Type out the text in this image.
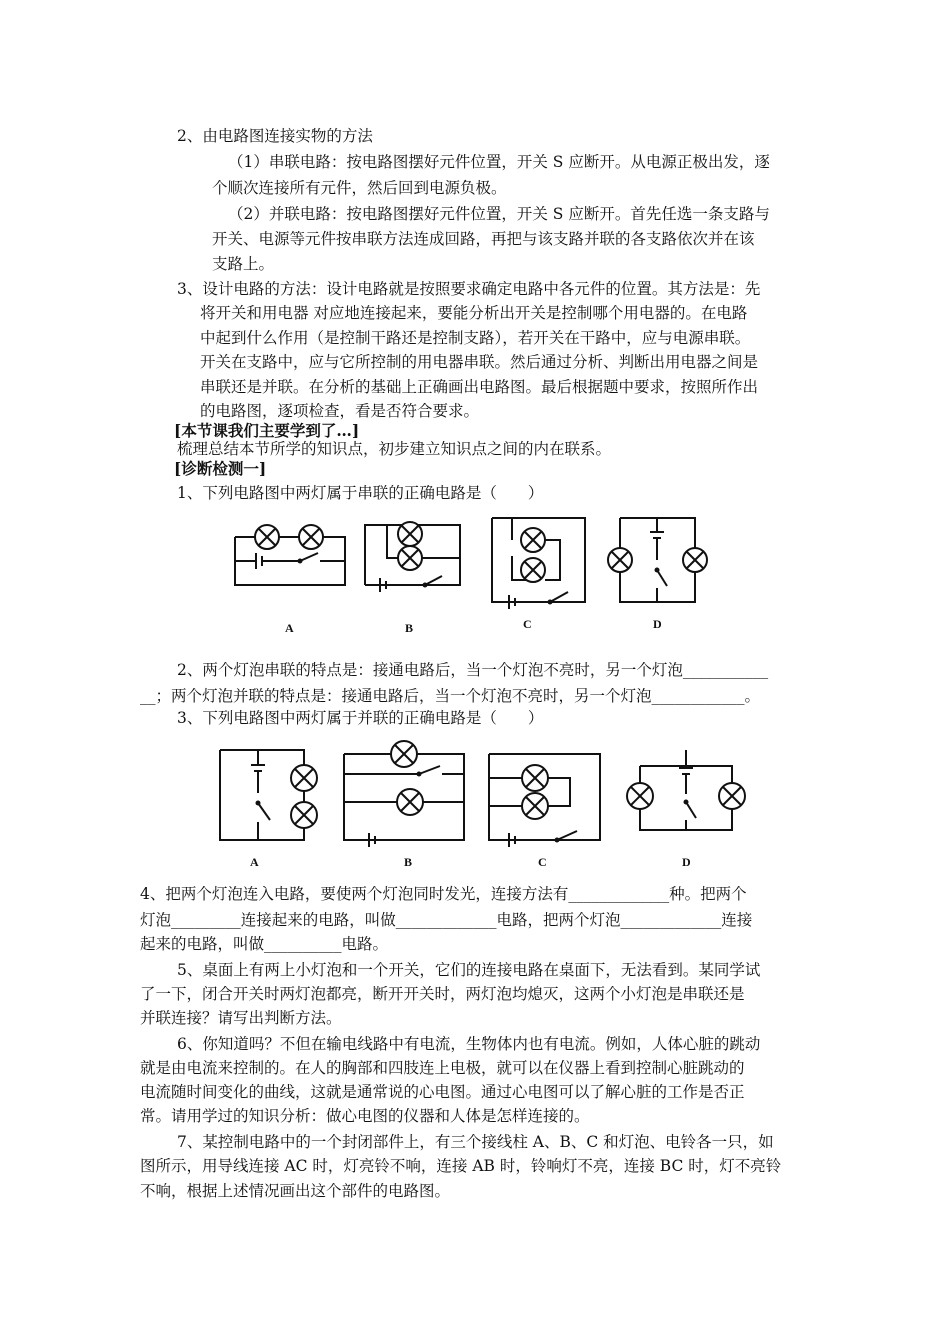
2、由电路图连接实物的方法
（1）串联电路：按电路图摆好元件位置，开关 S 应断开。从电源正极出发，逐
个顺次连接所有元件，然后回到电源负极。
（2）并联电路：按电路图摆好元件位置，开关 S 应断开。首先任选一条支路与
开关、电源等元件按串联方法连成回路，再把与该支路并联的各支路依次并在该
支路上。
3、设计电路的方法：设计电路就是按照要求确定电路中各元件的位置。其方法是：先
将开关和用电器 对应地连接起来，要能分析出开关是控制哪个用电器的。在电路
中起到什么作用（是控制干路还是控制支路），若开关在干路中，应与电源串联。
开关在支路中，应与它所控制的用电器串联。然后通过分析、判断出用电器之间是
串联还是并联。在分析的基础上正确画出电路图。最后根据题中要求，按照所作出
的电路图，逐项检查，看是否符合要求。
[本节课我们主要学到了…]
梳理总结本节所学的知识点，初步建立知识点之间的内在联系。
[诊断检测一]
1、下列电路图中两灯属于串联的正确电路是（　　）
A	B	C	D
2、两个灯泡串联的特点是：接通电路后，当一个灯泡不亮时，另一个灯泡___________
__；两个灯泡并联的特点是：接通电路后，当一个灯泡不亮时，另一个灯泡____________。
3、下列电路图中两灯属于并联的正确电路是（　　）
A	B	C	D
4、把两个灯泡连入电路，要使两个灯泡同时发光，连接方法有_____________种。把两个
灯泡_________连接起来的电路，叫做_____________电路，把两个灯泡_____________连接
起来的电路，叫做__________电路。
5、桌面上有两上小灯泡和一个开关，它们的连接电路在桌面下，无法看到。某同学试
了一下，闭合开关时两灯泡都亮，断开开关时，两灯泡均熄灭，这两个小灯泡是串联还是
并联连接？请写出判断方法。
6、你知道吗？不但在输电线路中有电流，生物体内也有电流。例如，人体心脏的跳动
就是由电流来控制的。在人的胸部和四肢连上电极，就可以在仪器上看到控制心脏跳动的
电流随时间变化的曲线，这就是通常说的心电图。通过心电图可以了解心脏的工作是否正
常。请用学过的知识分析：做心电图的仪器和人体是怎样连接的。
7、某控制电路中的一个封闭部件上，有三个接线柱 A、B、C 和灯泡、电铃各一只，如
图所示，用导线连接 AC 时，灯亮铃不响，连接 AB 时，铃响灯不亮，连接 BC 时，灯不亮铃
不响，根据上述情况画出这个部件的电路图。
